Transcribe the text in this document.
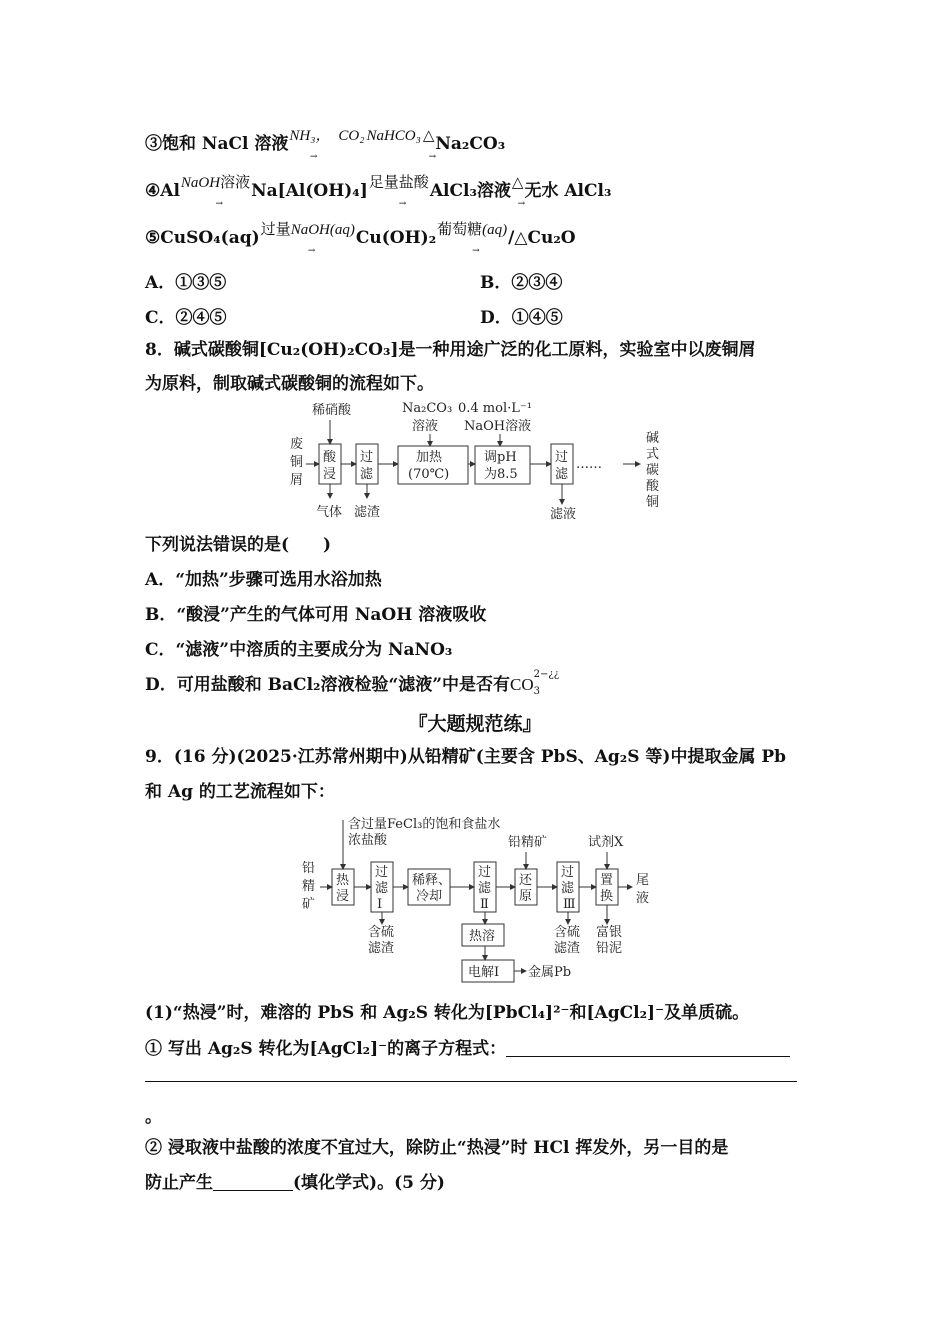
③饱和 NaCl 溶液NH₃，
→
CO₂ NaHCO₃ △
→
Na₂CO₃
④AlNaOH溶液
→
Na[Al(OH)₄]足量盐酸
→
AlCl₃溶液△
→
无水 AlCl₃
⑤CuSO₄(aq)过量NaOH(aq)
→
Cu(OH)₂葡萄糖(aq)
→
/△Cu₂O
A．①③⑤	B．②③④
C．②④⑤	D．①④⑤
8．碱式碳酸铜[Cu₂(OH)₂CO₃]是一种用途广泛的化工原料，实验室中以废铜屑
为原料，制取碱式碳酸铜的流程如下。
废
铜
屑
稀硝酸	Na₂CO₃
溶液
0.4 mol·L⁻¹
NaOH溶液
酸
浸
过
滤
加热
(70℃)
调pH
为8.5
过
滤
……
气体 滤渣	滤液
碱
式
碳
酸
铜
下列说法错误的是(　　)
A．“加热”步骤可选用水浴加热
B．“酸浸”产生的气体可用 NaOH 溶液吸收
C．“滤液”中溶质的主要成分为 NaNO₃
D．可用盐酸和 BaCl₂溶液检验“滤液”中是否有CO
2−¿¿
$_3$
『大题规范练』
9．(16 分)(2025·江苏常州期中)从铅精矿(主要含 PbS、Ag₂S 等)中提取金属 Pb
和 Ag 的工艺流程如下：
铅
精
矿
含过量FeCl₃的饱和食盐水
浓盐酸	铅精矿	试剂X
热
浸
过
滤
Ⅰ
稀释、
冷却
过
滤
Ⅱ
还
原
过
滤
Ⅲ
置
换
尾
液
含硫
滤渣
含硫
滤渣
富银
铅泥
热溶
电解Ⅰ 金属Pb
(1)“热浸”时，难溶的 PbS 和 Ag₂S 转化为[PbCl₄]²⁻和[AgCl₂]⁻及单质硫。
① 写出 Ag₂S 转化为[AgCl₂]⁻的离子方程式：
。
② 浸取液中盐酸的浓度不宜过大，除防止“热浸”时 HCl 挥发外，另一目的是
防止产生	(填化学式)。(5 分)
